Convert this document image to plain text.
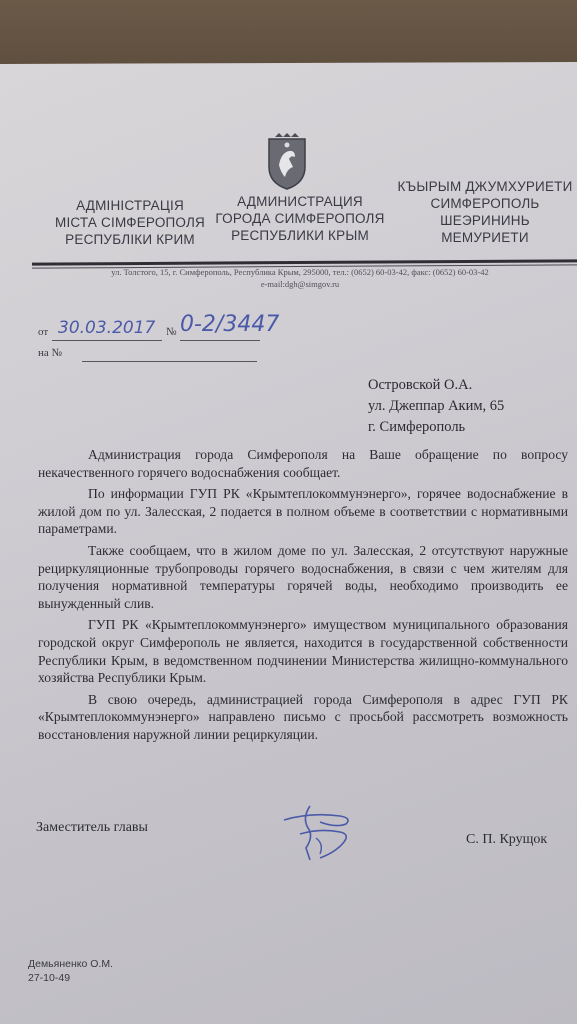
АДМІНІСТРАЦІЯ
МІСТА СІМФЕРОПОЛЯ
РЕСПУБЛІКИ КРИМ
АДМИНИСТРАЦИЯ
ГОРОДА СИМФЕРОПОЛЯ
РЕСПУБЛИКИ КРЫМ
КЪЫРЫМ ДЖУМХУРИЕТИ
СИМФЕРОПОЛЬ
ШЕЭРИНИНЬ
МЕМУРИЕТИ
ул. Толстого, 15, г. Симферополь, Республика Крым, 295000, тел.: (0652) 60-03-42, факс: (0652) 60-03-42
e-mail:dgh@simgov.ru
от 30.03.2017 № 0-2/3447
на №
Островской О.А.
ул. Джеппар Аким, 65
г. Симферополь

Администрация города Симферополя на Ваше обращение по вопросу некачественного горячего водоснабжения сообщает.

По информации ГУП РК «Крымтеплокоммунэнерго», горячее водоснабжение в жилой дом по ул. Залесская, 2 подается в полном объеме в соответствии с нормативными параметрами.

Также сообщаем, что в жилом доме по ул. Залесская, 2 отсутствуют наружные рециркуляционные трубопроводы горячего водоснабжения, в связи с чем жителям для получения нормативной температуры горячей воды, необходимо производить ее вынужденный слив.

ГУП РК «Крымтеплокоммунэнерго» имуществом муниципального образования городской округ Симферополь не является, находится в государственной собственности Республики Крым, в ведомственном подчинении Министерства жилищно-коммунального хозяйства Республики Крым.

В свою очередь, администрацией города Симферополя в адрес ГУП РК «Крымтеплокоммунэнерго» направлено письмо с просьбой рассмотреть возможность восстановления наружной линии рециркуляции.

Заместитель главы
С. П. Крущок
Демьяненко О.М.
27-10-49
